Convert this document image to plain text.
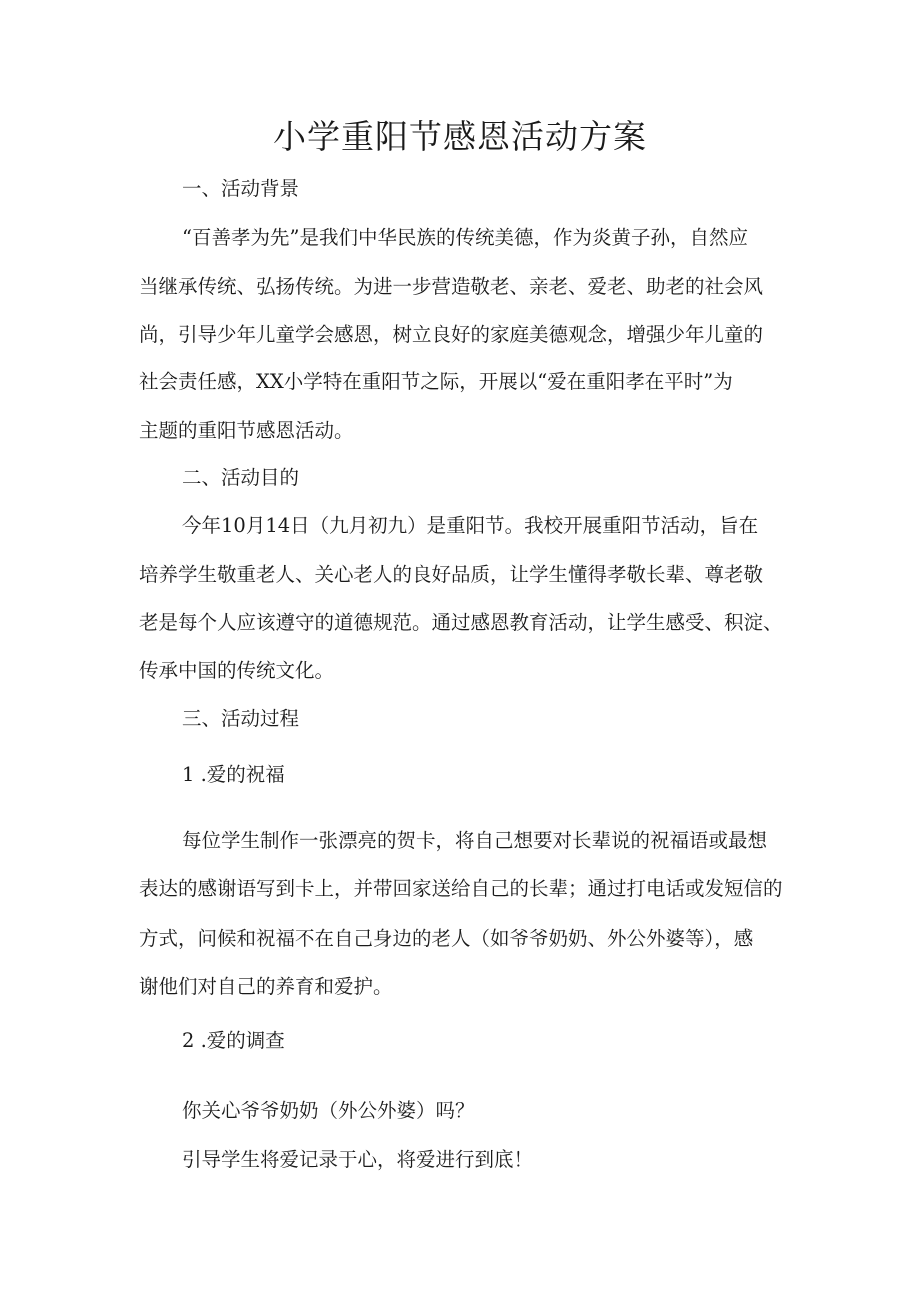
小学重阳节感恩活动方案

一、活动背景

“百善孝为先”是我们中华民族的传统美德，作为炎黄子孙，自然应

当继承传统、弘扬传统。为进一步营造敬老、亲老、爱老、助老的社会风

尚，引导少年儿童学会感恩，树立良好的家庭美德观念，增强少年儿童的

社会责任感，XX小学特在重阳节之际，开展以“爱在重阳孝在平时”为

主题的重阳节感恩活动。

二、活动目的

今年10月14日（九月初九）是重阳节。我校开展重阳节活动，旨在

培养学生敬重老人、关心老人的良好品质，让学生懂得孝敬长辈、尊老敬

老是每个人应该遵守的道德规范。通过感恩教育活动，让学生感受、积淀、

传承中国的传统文化。

三、活动过程

1 .爱的祝福

每位学生制作一张漂亮的贺卡，将自己想要对长辈说的祝福语或最想

表达的感谢语写到卡上，并带回家送给自己的长辈；通过打电话或发短信的

方式，问候和祝福不在自己身边的老人（如爷爷奶奶、外公外婆等），感

谢他们对自己的养育和爱护。

2 .爱的调查

你关心爷爷奶奶（外公外婆）吗？

引导学生将爱记录于心，将爱进行到底！
